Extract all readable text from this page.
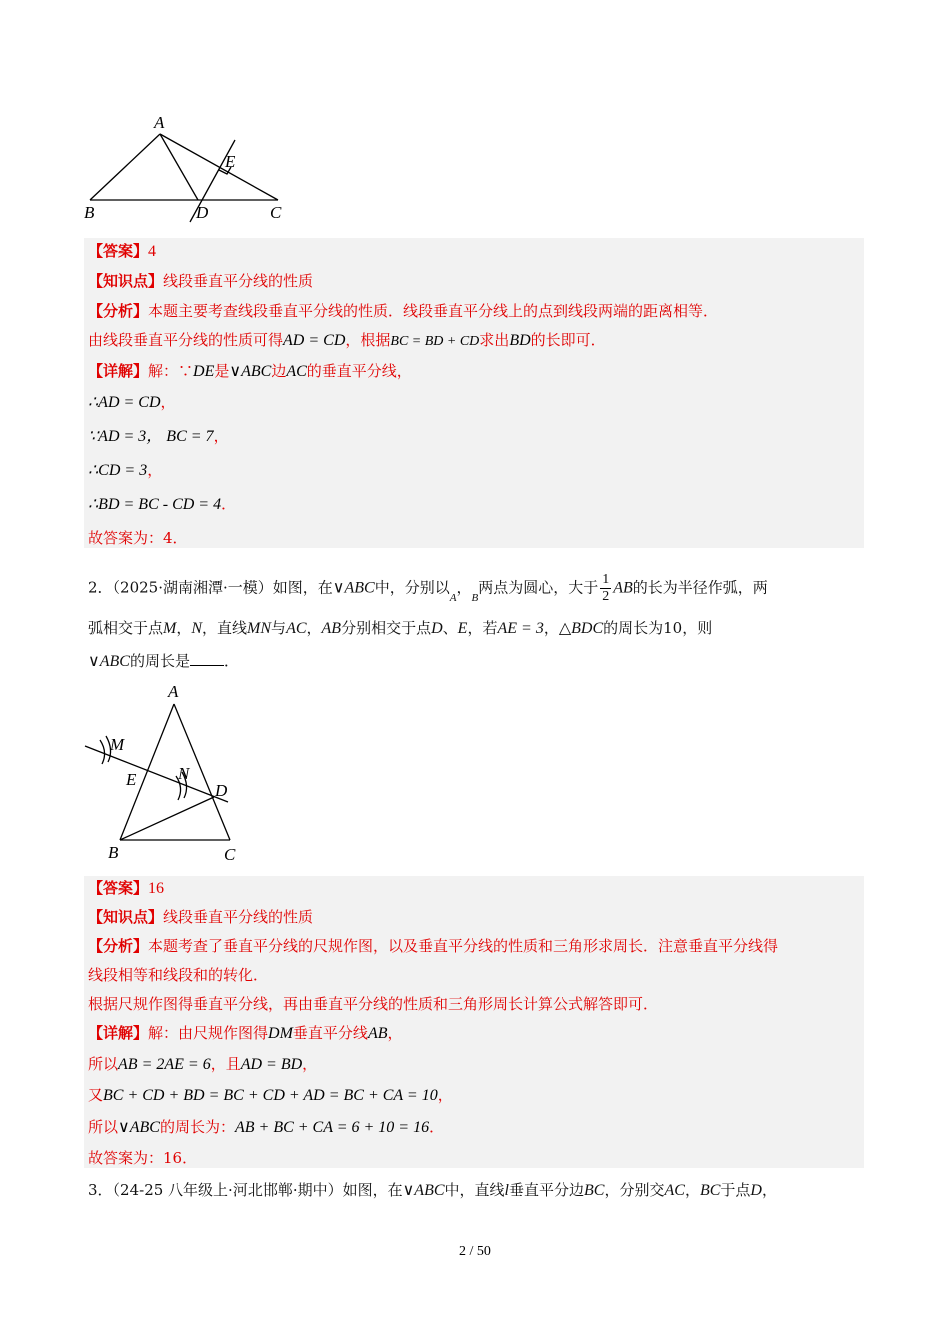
A
E
B	D	C
【答案】4
【知识点】线段垂直平分线的性质
【分析】本题主要考查线段垂直平分线的性质．线段垂直平分线上的点到线段两端的距离相等．
由线段垂直平分线的性质可得AD = CD，根据BC = BD + CD求出BD的长即可．
【详解】解：∵DE是∨ABC边AC的垂直平分线，
∴AD = CD，
∵AD = 3， BC = 7，
∴CD = 3，
∴BD = BC - CD = 4．
故答案为：4．
2．（2025·湖南湘潭·一模）如图，在∨ABC中，分别以$_A$，$_B$两点为圆心，大于 $\frac{1}{2}$ AB的长为半径作弧，两
弧相交于点M，N，直线MN与AC，AB分别相交于点D、E，若AE = 3，△BDC的周长为10，则
∨ABC的周长是 ．
A
M
N
E
D
B	C
【答案】16
【知识点】线段垂直平分线的性质
【分析】本题考查了垂直平分线的尺规作图，以及垂直平分线的性质和三角形求周长．注意垂直平分线得
线段相等和线段和的转化．
根据尺规作图得垂直平分线，再由垂直平分线的性质和三角形周长计算公式解答即可．
【详解】解：由尺规作图得DM垂直平分线AB，
所以AB = 2AE = 6，且AD = BD，
又BC + CD + BD = BC + CD + AD = BC + CA = 10，
所以∨ABC的周长为：AB + BC + CA = 6 + 10 = 16．
故答案为：16．
3．（24-25 八年级上·河北邯郸·期中）如图，在∨ABC中，直线l垂直平分边BC，分别交AC，BC于点D，
2 / 50
